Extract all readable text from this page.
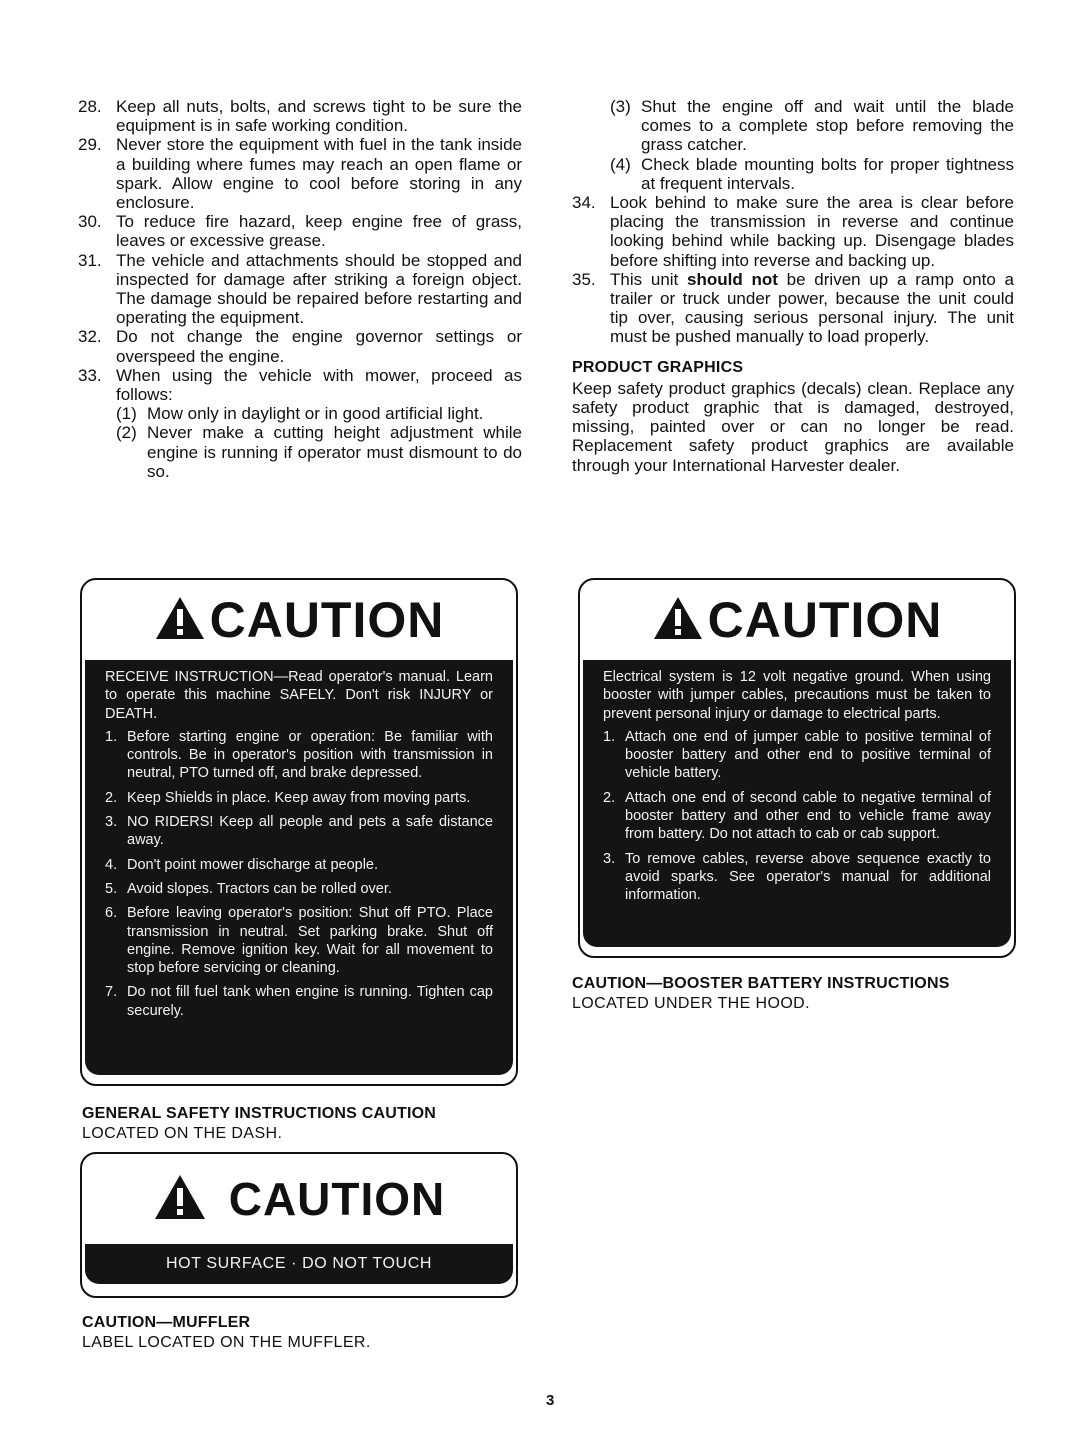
28. Keep all nuts, bolts, and screws tight to be sure the equipment is in safe working condition.
29. Never store the equipment with fuel in the tank inside a building where fumes may reach an open flame or spark. Allow engine to cool before storing in any enclosure.
30. To reduce fire hazard, keep engine free of grass, leaves or excessive grease.
31. The vehicle and attachments should be stopped and inspected for damage after striking a foreign object. The damage should be repaired before restarting and operating the equipment.
32. Do not change the engine governor settings or overspeed the engine.
33. When using the vehicle with mower, proceed as follows:
(1) Mow only in daylight or in good artificial light.
(2) Never make a cutting height adjustment while engine is running if operator must dismount to do so.
(3) Shut the engine off and wait until the blade comes to a complete stop before removing the grass catcher.
(4) Check blade mounting bolts for proper tightness at frequent intervals.
34. Look behind to make sure the area is clear before placing the transmission in reverse and continue looking behind while backing up. Disengage blades before shifting into reverse and backing up.
35. This unit should not be driven up a ramp onto a trailer or truck under power, because the unit could tip over, causing serious personal injury. The unit must be pushed manually to load properly.
PRODUCT GRAPHICS
Keep safety product graphics (decals) clean. Replace any safety product graphic that is damaged, destroyed, missing, painted over or can no longer be read. Replacement safety product graphics are available through your International Harvester dealer.
CAUTION
RECEIVE INSTRUCTION—Read operator's manual. Learn to operate this machine SAFELY. Don't risk INJURY or DEATH.
1. Before starting engine or operation: Be familiar with controls. Be in operator's position with transmission in neutral, PTO turned off, and brake depressed.
2. Keep Shields in place. Keep away from moving parts.
3. NO RIDERS! Keep all people and pets a safe distance away.
4. Don't point mower discharge at people.
5. Avoid slopes. Tractors can be rolled over.
6. Before leaving operator's position: Shut off PTO. Place transmission in neutral. Set parking brake. Shut off engine. Remove ignition key. Wait for all movement to stop before servicing or cleaning.
7. Do not fill fuel tank when engine is running. Tighten cap securely.
CAUTION
Electrical system is 12 volt negative ground. When using booster with jumper cables, precautions must be taken to prevent personal injury or damage to electrical parts.
1. Attach one end of jumper cable to positive terminal of booster battery and other end to positive terminal of vehicle battery.
2. Attach one end of second cable to negative terminal of booster battery and other end to vehicle frame away from battery. Do not attach to cab or cab support.
3. To remove cables, reverse above sequence exactly to avoid sparks. See operator's manual for additional information.
CAUTION—BOOSTER BATTERY INSTRUCTIONS
LOCATED UNDER THE HOOD.
GENERAL SAFETY INSTRUCTIONS CAUTION
LOCATED ON THE DASH.
CAUTION
HOT SURFACE · DO NOT TOUCH
CAUTION—MUFFLER
LABEL LOCATED ON THE MUFFLER.
3
